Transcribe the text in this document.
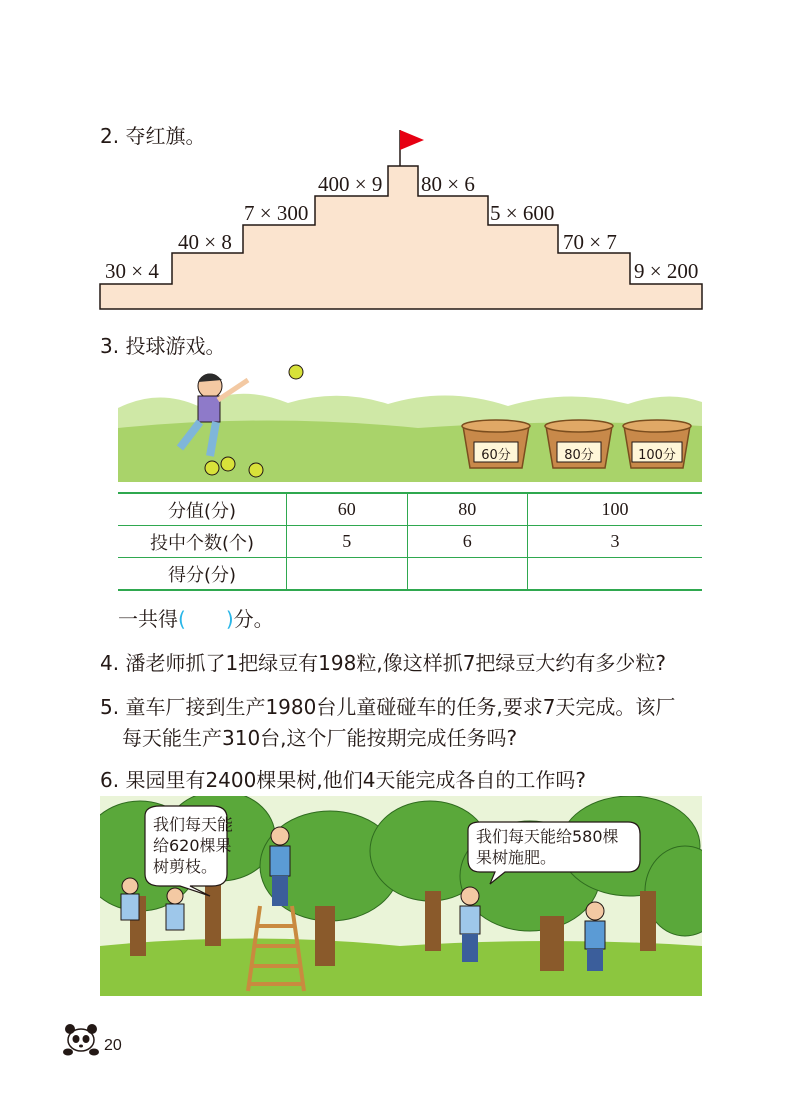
2. 夺红旗。
30 × 4
40 × 8
7 × 300
400 × 9 80 × 6
5 × 600
70 × 7
9 × 200
3. 投球游戏。
60分	80分	100分
分值(分)	60	80	100
投中个数(个)	5	6	3
得分(分)			
一共得( )分。
4. 潘老师抓了1把绿豆有198粒,像这样抓7把绿豆大约有多少粒?
5. 童车厂接到生产1980台儿童碰碰车的任务,要求7天完成。该厂
每天能生产310台,这个厂能按期完成任务吗?
6. 果园里有2400棵果树,他们4天能完成各自的工作吗?
我们每天能
给620棵果
树剪枝。
我们每天能给580棵
果树施肥。
20
